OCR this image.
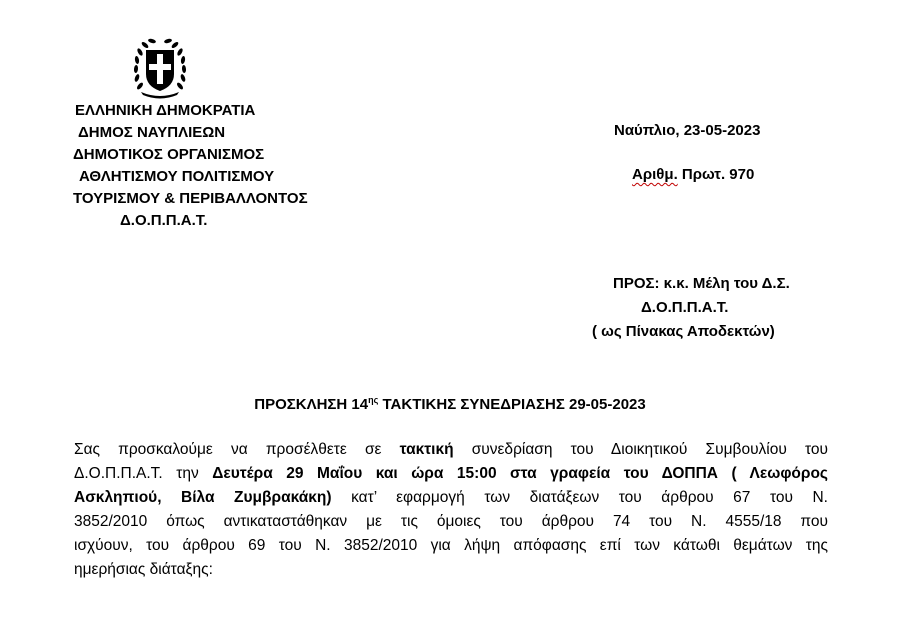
ΕΛΛΗΝΙΚΗ ΔΗΜΟΚΡΑΤΙΑ
ΔΗΜΟΣ ΝΑΥΠΛΙΕΩΝ
ΔΗΜΟΤΙΚΟΣ ΟΡΓΑΝΙΣΜΟΣ
ΑΘΛΗΤΙΣΜΟΥ ΠΟΛΙΤΙΣΜΟΥ
ΤΟΥΡΙΣΜΟΥ & ΠΕΡΙΒΑΛΛΟΝΤΟΣ
Δ.Ο.Π.Π.Α.Τ.
Ναύπλιο, 23-05-2023
Αριθμ. Πρωτ. 970
ΠΡΟΣ: κ.κ. Μέλη του Δ.Σ.
Δ.Ο.Π.Π.Α.Τ.
( ως Πίνακας Αποδεκτών)
ΠΡΟΣΚΛΗΣΗ $14^{\eta\varsigma}$ ΤΑΚΤΙΚΗΣ ΣΥΝΕΔΡΙΑΣΗΣ 29-05-2023
Σας προσκαλούμε να προσέλθετε σε τακτική συνεδρίαση του Διοικητικού Συμβουλίου του
Δ.Ο.Π.Π.Α.Τ. την Δευτέρα 29 Μαΐου και ώρα 15:00 στα γραφεία του ΔΟΠΠΑ ( Λεωφόρος
Ασκληπιού, Βίλα Ζυμβρακάκη) κατ’ εφαρμογή των διατάξεων του άρθρου 67 του Ν.
3852/2010 όπως αντικαταστάθηκαν με τις όμοιες του άρθρου 74 του Ν. 4555/18 που
ισχύουν, του άρθρου 69 του Ν. 3852/2010 για λήψη απόφασης επί των κάτωθι θεμάτων της
ημερήσιας διάταξης:
